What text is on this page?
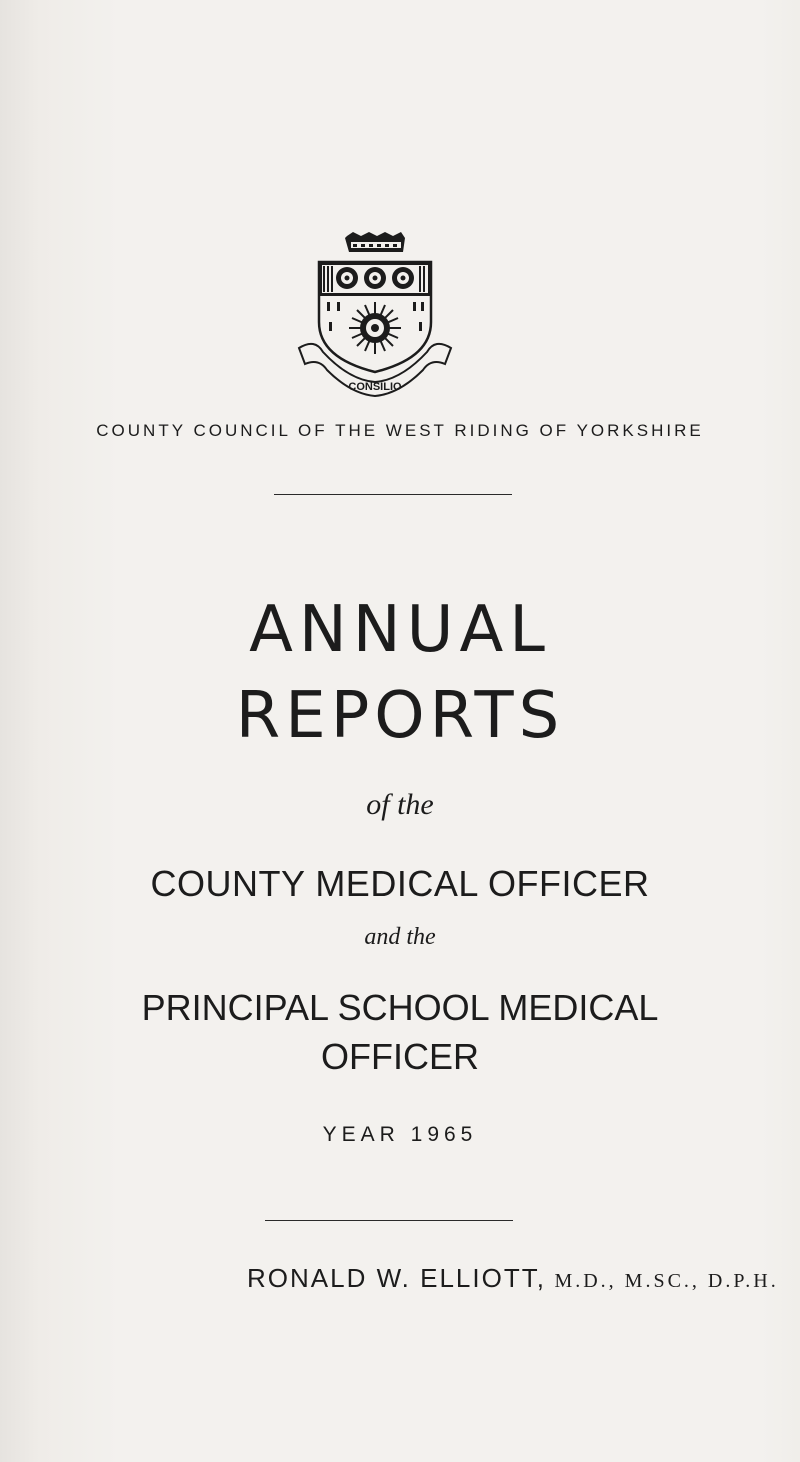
CONSILIO
COUNTY COUNCIL OF THE WEST RIDING OF YORKSHIRE
ANNUAL
REPORTS
of the
COUNTY MEDICAL OFFICER
and the
PRINCIPAL SCHOOL MEDICAL
OFFICER
YEAR 1965
RONALD W. ELLIOTT, M.D., M.SC., D.P.H.
